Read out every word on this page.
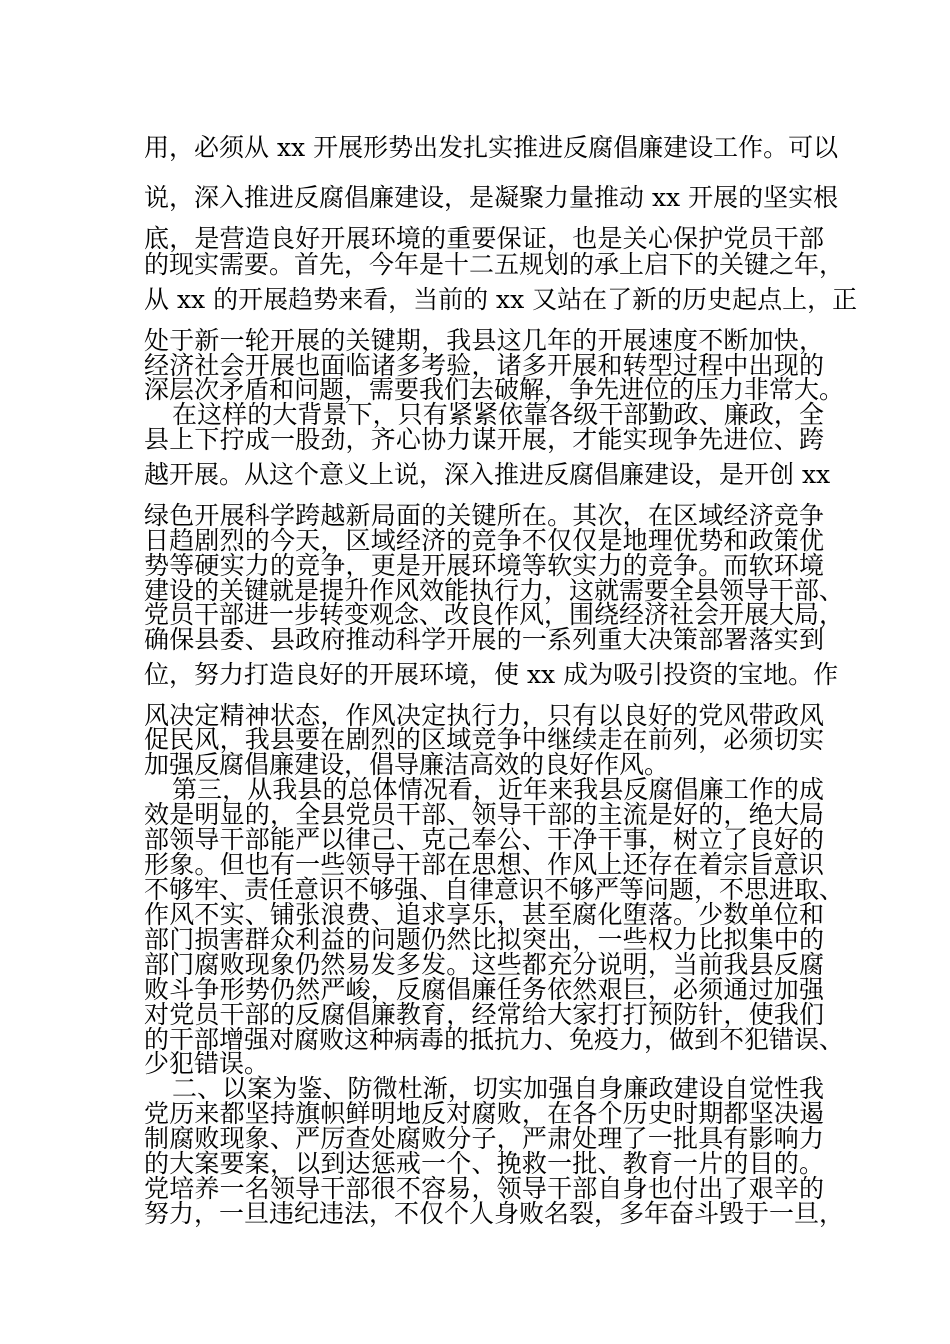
用，必须从 xx 开展形势出发扎实推进反腐倡廉建设工作。可以
说，深入推进反腐倡廉建设，是凝聚力量推动 xx 开展的坚实根
底，是营造良好开展环境的重要保证，也是关心保护党员干部
的现实需要。首先，今年是十二五规划的承上启下的关键之年，
从 xx 的开展趋势来看，当前的 xx 又站在了新的历史起点上，正
处于新一轮开展的关键期，我县这几年的开展速度不断加快，
经济社会开展也面临诸多考验，诸多开展和转型过程中出现的
深层次矛盾和问题，需要我们去破解，争先进位的压力非常大。
在这样的大背景下，只有紧紧依靠各级干部勤政、廉政，全
县上下拧成一股劲，齐心协力谋开展，才能实现争先进位、跨
越开展。从这个意义上说，深入推进反腐倡廉建设，是开创 xx
绿色开展科学跨越新局面的关键所在。其次，在区域经济竞争
日趋剧烈的今天，区域经济的竞争不仅仅是地理优势和政策优
势等硬实力的竞争，更是开展环境等软实力的竞争。而软环境
建设的关键就是提升作风效能执行力，这就需要全县领导干部、
党员干部进一步转变观念、改良作风，围绕经济社会开展大局，
确保县委、县政府推动科学开展的一系列重大决策部署落实到
位，努力打造良好的开展环境，使 xx 成为吸引投资的宝地。作
风决定精神状态，作风决定执行力，只有以良好的党风带政风
促民风，我县要在剧烈的区域竞争中继续走在前列，必须切实
加强反腐倡廉建设，倡导廉洁高效的良好作风。
第三，从我县的总体情况看，近年来我县反腐倡廉工作的成
效是明显的，全县党员干部、领导干部的主流是好的，绝大局
部领导干部能严以律己、克己奉公、干净干事，树立了良好的
形象。但也有一些领导干部在思想、作风上还存在着宗旨意识
不够牢、责任意识不够强、自律意识不够严等问题，不思进取、
作风不实、铺张浪费、追求享乐，甚至腐化堕落。少数单位和
部门损害群众利益的问题仍然比拟突出，一些权力比拟集中的
部门腐败现象仍然易发多发。这些都充分说明，当前我县反腐
败斗争形势仍然严峻，反腐倡廉任务依然艰巨，必须通过加强
对党员干部的反腐倡廉教育，经常给大家打打预防针，使我们
的干部增强对腐败这种病毒的抵抗力、免疫力，做到不犯错误、
少犯错误。
二、以案为鉴、防微杜渐，切实加强自身廉政建设自觉性我
党历来都坚持旗帜鲜明地反对腐败，在各个历史时期都坚决遏
制腐败现象、严厉查处腐败分子，严肃处理了一批具有影响力
的大案要案，以到达惩戒一个、挽救一批、教育一片的目的。
党培养一名领导干部很不容易，领导干部自身也付出了艰辛的
努力，一旦违纪违法，不仅个人身败名裂，多年奋斗毁于一旦，
